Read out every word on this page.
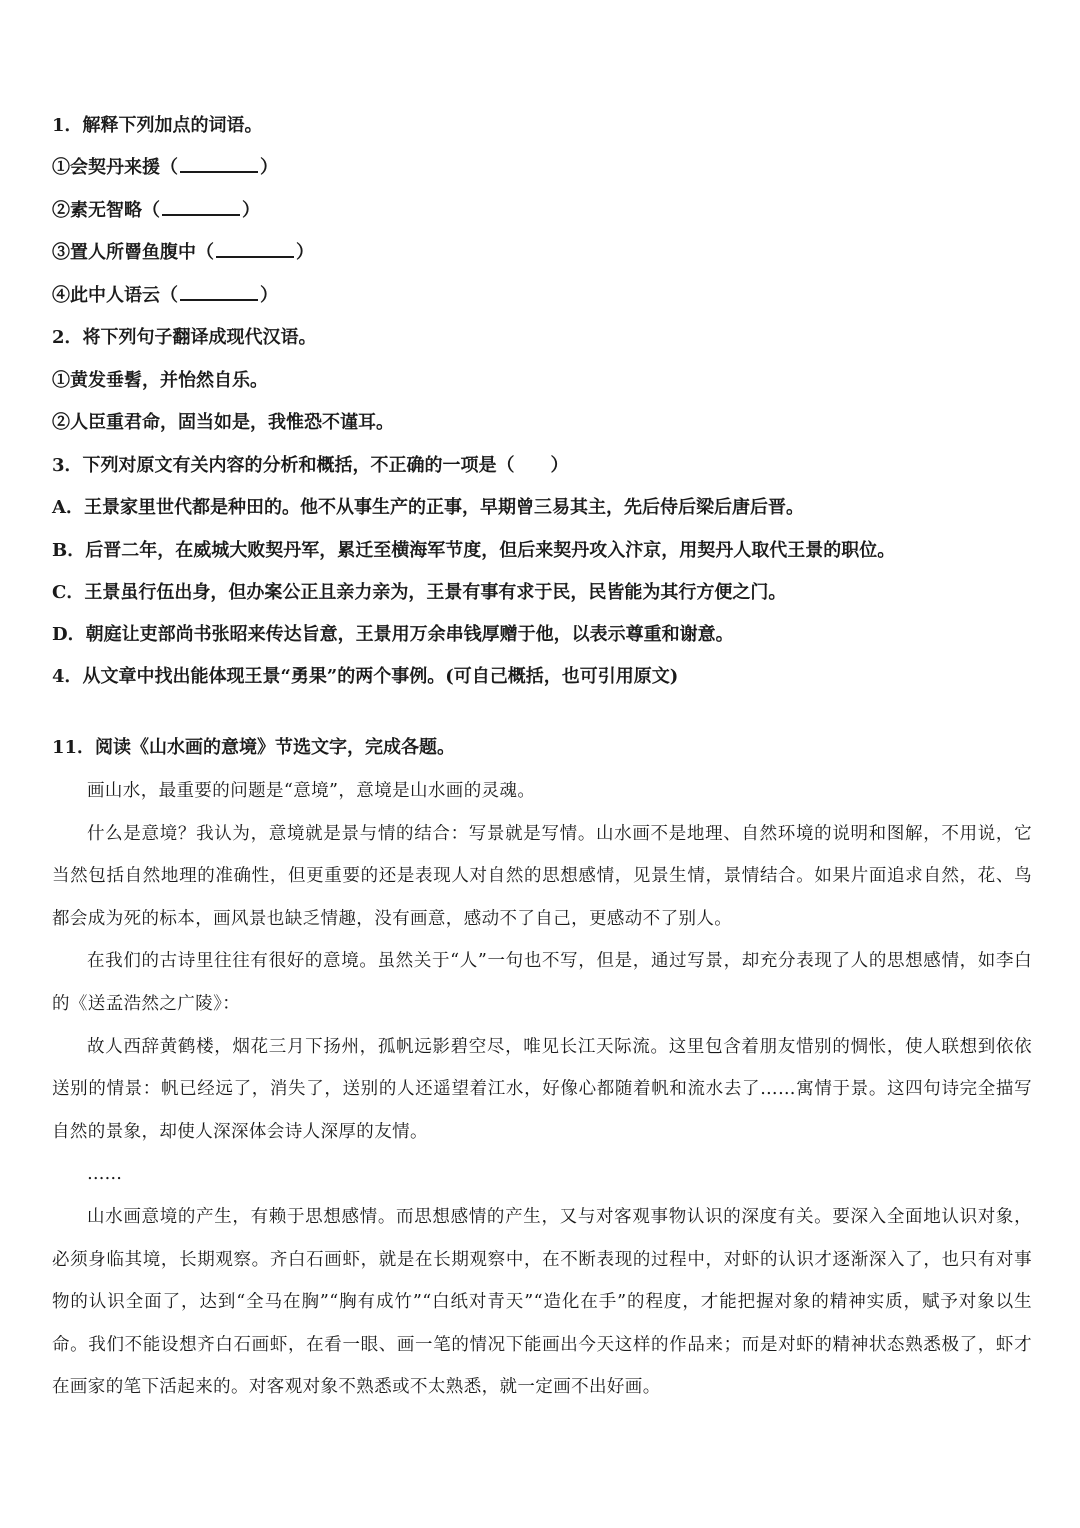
1．解释下列加点的词语。
①会契丹来援（	）
②素无智略（	）
③置人所罾鱼腹中（	）
④此中人语云（	）
2．将下列句子翻译成现代汉语。
①黄发垂髫，并怡然自乐。
②人臣重君命，固当如是，我惟恐不谨耳。
3．下列对原文有关内容的分析和概括，不正确的一项是（　　）
A．王景家里世代都是种田的。他不从事生产的正事，早期曾三易其主，先后侍后梁后唐后晋。
B．后晋二年，在威城大败契丹军，累迁至横海军节度，但后来契丹攻入汴京，用契丹人取代王景的职位。
C．王景虽行伍出身，但办案公正且亲力亲为，王景有事有求于民，民皆能为其行方便之门。
D．朝庭让吏部尚书张昭来传达旨意，王景用万余串钱厚赠于他，以表示尊重和谢意。
4．从文章中找出能体现王景“勇果”的两个事例。(可自己概括，也可引用原文)
11．阅读《山水画的意境》节选文字，完成各题。

画山水，最重要的问题是“意境”，意境是山水画的灵魂。

什么是意境？我认为，意境就是景与情的结合：写景就是写情。山水画不是地理、自然环境的说明和图解，不用说，它当然包括自然地理的准确性，但更重要的还是表现人对自然的思想感情，见景生情，景情结合。如果片面追求自然，花、鸟都会成为死的标本，画风景也缺乏情趣，没有画意，感动不了自己，更感动不了别人。

在我们的古诗里往往有很好的意境。虽然关于“人”一句也不写，但是，通过写景，却充分表现了人的思想感情，如李白的《送孟浩然之广陵》：

故人西辞黄鹤楼，烟花三月下扬州，孤帆远影碧空尽，唯见长江天际流。这里包含着朋友惜别的惆怅，使人联想到依依送别的情景：帆已经远了，消失了，送别的人还遥望着江水，好像心都随着帆和流水去了……寓情于景。这四句诗完全描写自然的景象，却使人深深体会诗人深厚的友情。

……

山水画意境的产生，有赖于思想感情。而思想感情的产生，又与对客观事物认识的深度有关。要深入全面地认识对象，必须身临其境，长期观察。齐白石画虾，就是在长期观察中，在不断表现的过程中，对虾的认识才逐渐深入了，也只有对事物的认识全面了，达到“全马在胸”“胸有成竹”“白纸对青天”“造化在手”的程度，才能把握对象的精神实质，赋予对象以生命。我们不能设想齐白石画虾，在看一眼、画一笔的情况下能画出今天这样的作品来；而是对虾的精神状态熟悉极了，虾才在画家的笔下活起来的。对客观对象不熟悉或不太熟悉，就一定画不出好画。
